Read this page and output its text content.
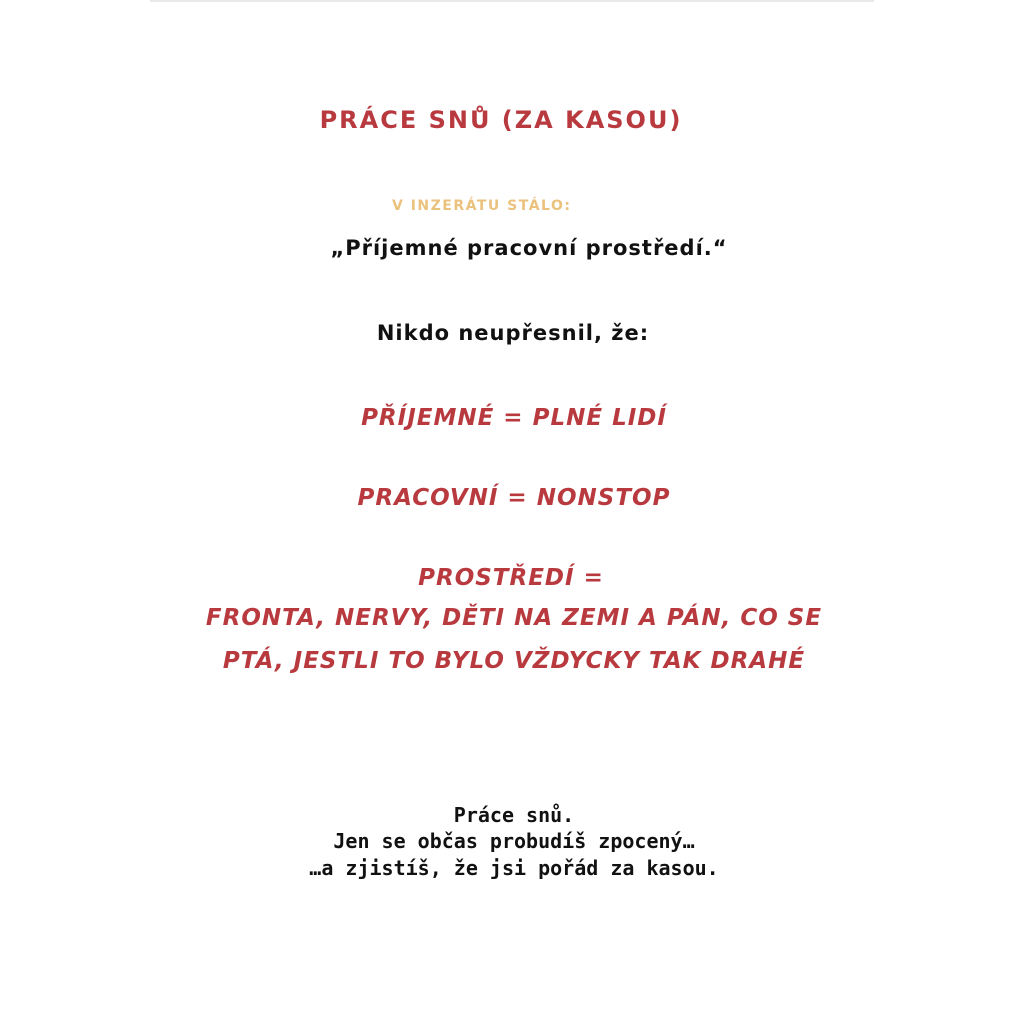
PRÁCE SNŮ (ZA KASOU)
V INZERÁTU STÁLO:
„Příjemné pracovní prostředí.“
Nikdo neupřesnil, že:
PŘÍJEMNÉ = PLNÉ LIDÍ
PRACOVNÍ = NONSTOP
PROSTŘEDÍ =
FRONTA, NERVY, DĚTI NA ZEMI A PÁN, CO SE
PTÁ, JESTLI TO BYLO VŽDYCKY TAK DRAHÉ
Práce snů.
Jen se občas probudíš zpocený…
…a zjistíš, že jsi pořád za kasou.
